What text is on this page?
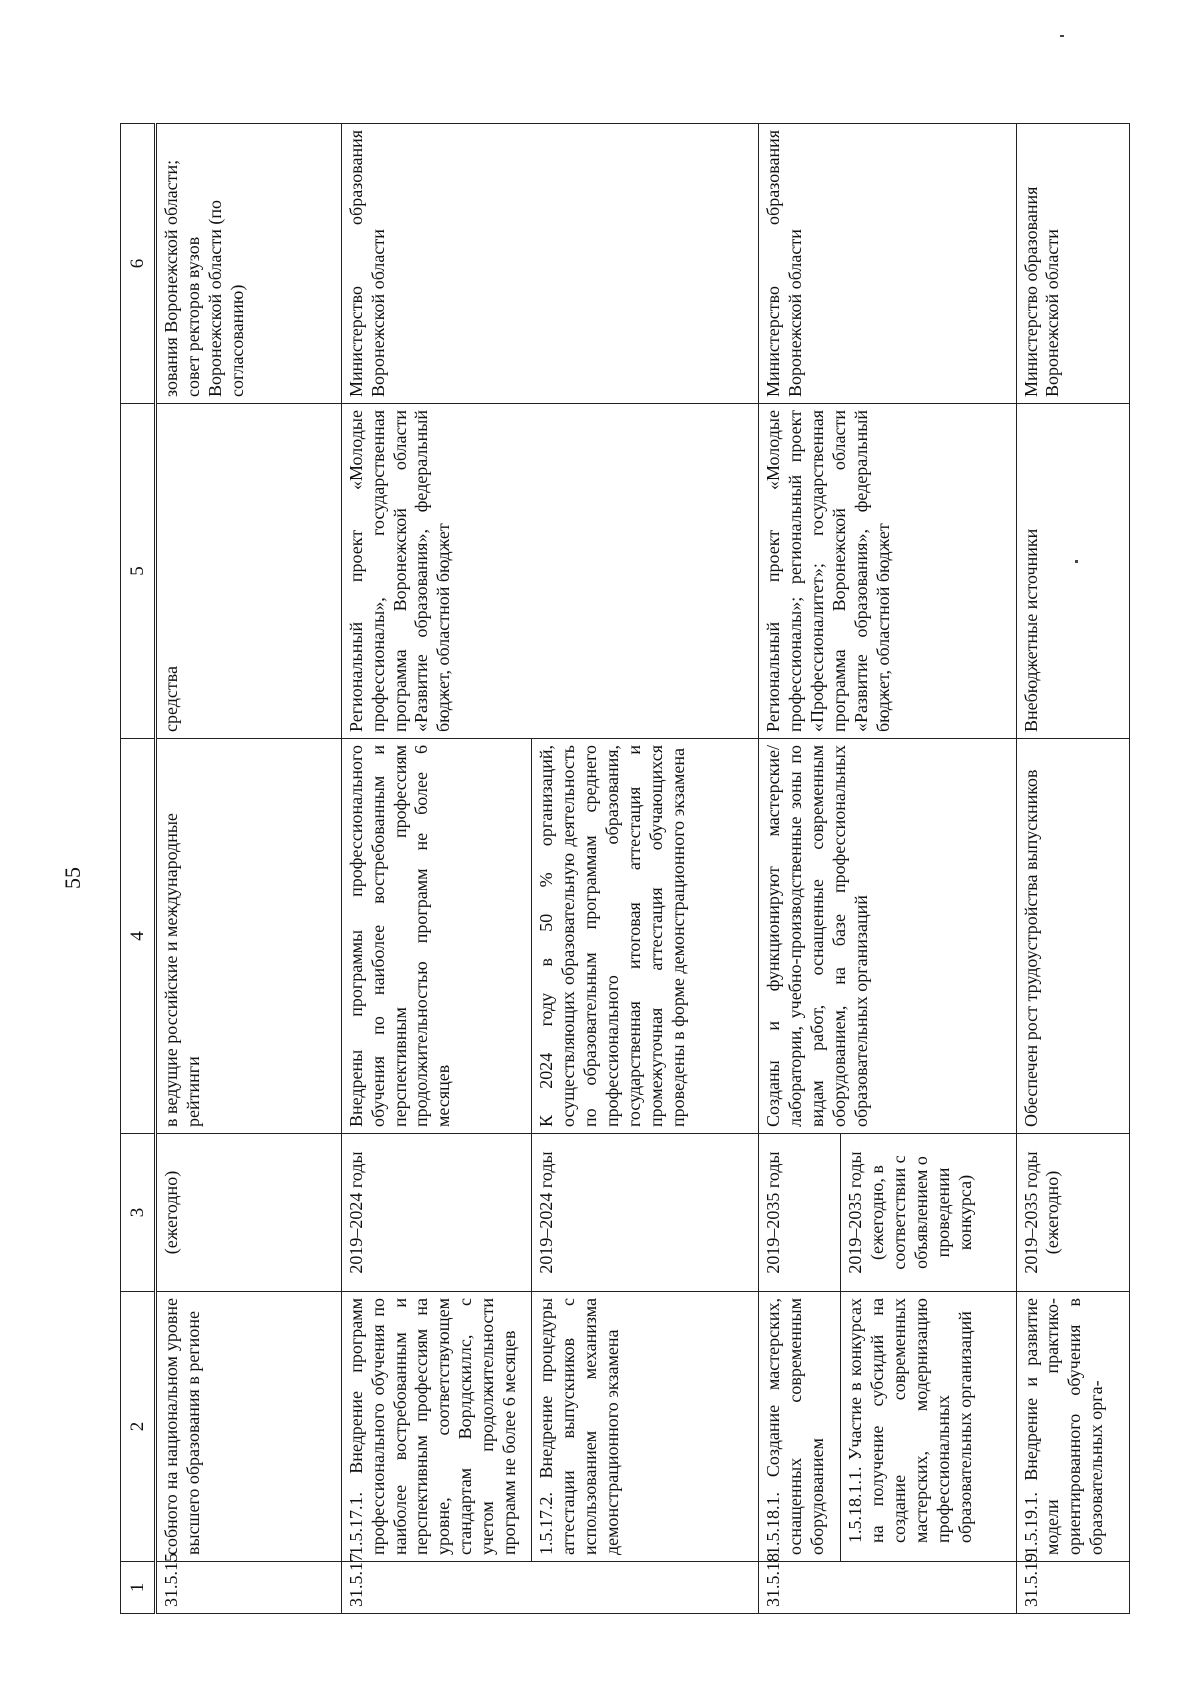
55
1	2	3	4	5	6
31.5.15	собного на национальном уровне высшего образования в регионе	(ежегодно)	в ведущие российские и международные рейтинги	средства	зования Воронежской области; совет ректоров вузов Воронежской области (по согласованию)
31.5.17	1.5.17.1. Внедрение программ профессионального обучения по наиболее востребованным и перспективным профессиям на уровне, соответствующем стандартам Ворлдскиллс, с учетом продолжительности программ не более 6 месяцев	2019–2024 годы	Внедрены программы профессионального обучения по наиболее востребованным и перспективным профессиям продолжительностью программ не более 6 месяцев	Региональный проект «Молодые профессионалы», государственная программа Воронежской области «Развитие образования», федеральный бюджет, областной бюджет	Министерство образования Воронежской области
	1.5.17.2. Внедрение процедуры аттестации выпускников с использованием механизма демонстрационного экзамена	2019–2024 годы	К 2024 году в 50 % организаций, осуществляющих образовательную деятельность по образовательным программам среднего профессионального образования, государственная итоговая аттестация и промежуточная аттестация обучающихся проведены в форме демонстрационного экзамена		
31.5.18	1.5.18.1. Создание мастерских, оснащенных современным оборудованием	2019–2035 годы	Созданы и функционируют мастерские/лаборатории, учебно-производственные зоны по видам работ, оснащенные современным оборудованием, на базе профессиональных образовательных организаций	Региональный проект «Молодые профессионалы»; региональный проект «Профессионалитет»; государственная программа Воронежской области «Развитие образования», федеральный бюджет, областной бюджет	Министерство образования Воронежской области
	1.5.18.1.1. Участие в конкурсах на получение субсидий на создание современных мастерских, модернизацию профессиональных образовательных организаций	2019–2035 годы (ежегодно, в соответствии с объявлением о проведении конкурса)			
31.5.19	1.5.19.1. Внедрение и развитие модели практико-ориентированного обучения в образовательных орга-	2019–2035 годы (ежегодно)	Обеспечен рост трудоустройства выпускников	Внебюджетные источники	Министерство образования Воронежской области
